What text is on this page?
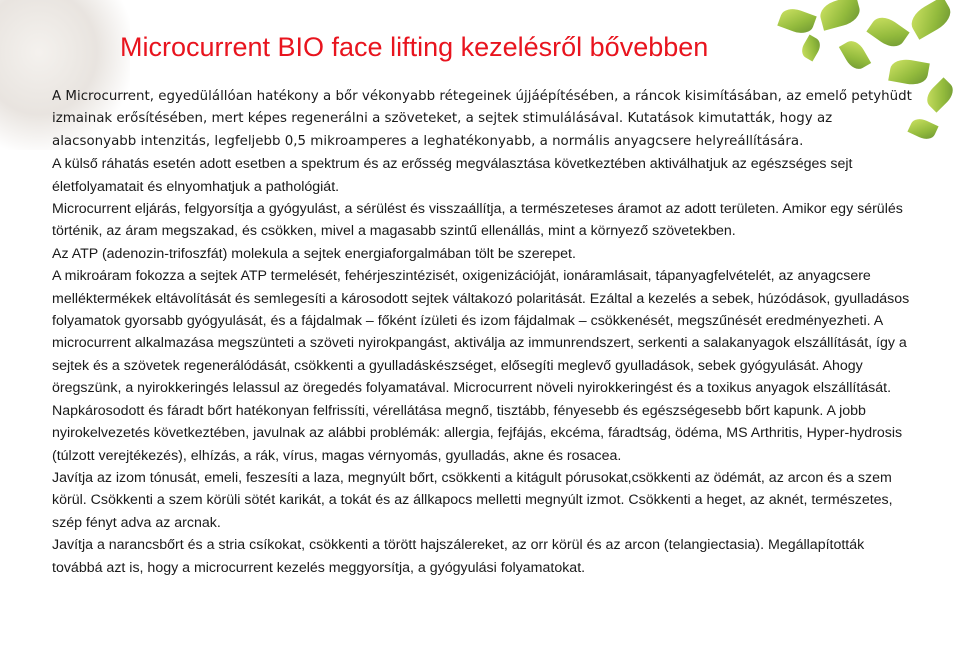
Microcurrent BIO face lifting kezelésről bővebben

A Microcurrent, egyedülállóan hatékony a bőr vékonyabb rétegeinek újjáépítésében, a ráncok kisimításában, az emelő petyhüdt izmainak erősítésében, mert képes regenerálni a szöveteket, a sejtek stimulálásával. Kutatások kimutatták, hogy az alacsonyabb intenzitás, legfeljebb 0,5 mikroamperes a leghatékonyabb, a normális anyagcsere helyreállítására.

A külső ráhatás esetén adott esetben a spektrum és az erősség megválasztása következtében aktiválhatjuk az egészséges sejt életfolyamatait és elnyomhatjuk a pathológiát.

Microcurrent eljárás, felgyorsítja a gyógyulást, a sérülést és visszaállítja, a természeteses áramot az adott területen. Amikor egy sérülés történik, az áram megszakad, és csökken, mivel a magasabb szintű ellenállás, mint a környező szövetekben.

Az ATP (adenozin-trifoszfát) molekula a sejtek energiaforgalmában tölt be szerepet.

A mikroáram fokozza a sejtek ATP termelését, fehérjeszintézisét, oxigenizációját, ionáramlásait, tápanyagfelvételét, az anyagcsere melléktermékek eltávolítását és semlegesíti a károsodott sejtek váltakozó polaritását. Ezáltal a kezelés a sebek, húzódások, gyulladásos folyamatok gyorsabb gyógyulását, és a fájdalmak – főként ízületi és izom fájdalmak – csökkenését, megszűnését eredményezheti. A microcurrent alkalmazása megszünteti a szöveti nyirokpangást, aktiválja az immunrendszert, serkenti a salakanyagok elszállítását, így a sejtek és a szövetek regenerálódását, csökkenti a gyulladáskészséget, elősegíti meglevő gyulladások, sebek gyógyulását. Ahogy öregszünk, a nyirokkeringés lelassul az öregedés folyamatával. Microcurrent növeli nyirokkeringést és a toxikus anyagok elszállítását. Napkárosodott és fáradt bőrt hatékonyan felfrissíti, vérellátása megnő, tisztább, fényesebb és egészségesebb bőrt kapunk. A jobb nyirokelvezetés következtében, javulnak az alábbi problémák: allergia, fejfájás, ekcéma, fáradtság, ödéma, MS Arthritis, Hyper-hydrosis (túlzott verejtékezés), elhízás, a rák, vírus, magas vérnyomás, gyulladás, akne és rosacea.

Javítja az izom tónusát, emeli, feszesíti a laza, megnyúlt bőrt, csökkenti a kitágult pórusokat,csökkenti az ödémát, az arcon és a szem körül. Csökkenti a szem körüli sötét karikát, a tokát és az állkapocs melletti megnyúlt izmot. Csökkenti a heget, az aknét, természetes, szép fényt adva az arcnak.

Javítja a narancsbőrt és a stria csíkokat, csökkenti a törött hajszálereket, az orr körül és az arcon (telangiectasia). Megállapították továbbá azt is, hogy a microcurrent kezelés meggyorsítja, a gyógyulási folyamatokat.
